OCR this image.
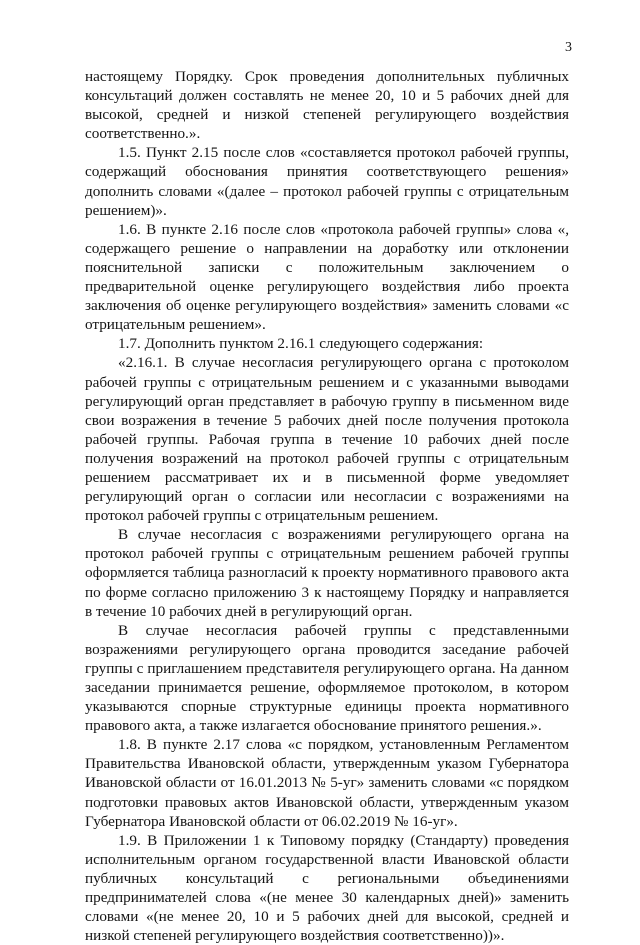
3

настоящему Порядку. Срок проведения дополнительных публичных консультаций должен составлять не менее 20, 10 и 5 рабочих дней для высокой, средней и низкой степеней регулирующего воздействия соответственно.».

1.5. Пункт 2.15 после слов «составляется протокол рабочей группы, содержащий обоснования принятия соответствующего решения» дополнить словами «(далее – протокол рабочей группы с отрицательным решением)».

1.6. В пункте 2.16 после слов «протокола рабочей группы» слова «, содержащего решение о направлении на доработку или отклонении пояснительной записки с положительным заключением о предварительной оценке регулирующего воздействия либо проекта заключения об оценке регулирующего воздействия» заменить словами «с отрицательным решением».

1.7. Дополнить пунктом 2.16.1 следующего содержания:

«2.16.1. В случае несогласия регулирующего органа с протоколом рабочей группы с отрицательным решением и с указанными выводами регулирующий орган представляет в рабочую группу в письменном виде свои возражения в течение 5 рабочих дней после получения протокола рабочей группы. Рабочая группа в течение 10 рабочих дней после получения возражений на протокол рабочей группы с отрицательным решением рассматривает их и в письменной форме уведомляет регулирующий орган о согласии или несогласии с возражениями на протокол рабочей группы с отрицательным решением.

В случае несогласия с возражениями регулирующего органа на протокол рабочей группы с отрицательным решением рабочей группы оформляется таблица разногласий к проекту нормативного правового акта по форме согласно приложению 3 к настоящему Порядку и направляется в течение 10 рабочих дней в регулирующий орган.

В случае несогласия рабочей группы с представленными возражениями регулирующего органа проводится заседание рабочей группы с приглашением представителя регулирующего органа. На данном заседании принимается решение, оформляемое протоколом, в котором указываются спорные структурные единицы проекта нормативного правового акта, а также излагается обоснование принятого решения.».

1.8. В пункте 2.17 слова «с порядком, установленным Регламентом Правительства Ивановской области, утвержденным указом Губернатора Ивановской области от 16.01.2013 № 5-уг» заменить словами «с порядком подготовки правовых актов Ивановской области, утвержденным указом Губернатора Ивановской области от 06.02.2019 № 16-уг».

1.9. В Приложении 1 к Типовому порядку (Стандарту) проведения исполнительным органом государственной власти Ивановской области публичных консультаций с региональными объединениями предпринимателей слова «(не менее 30 календарных дней)» заменить словами «(не менее 20, 10 и 5 рабочих дней для высокой, средней и низкой степеней регулирующего воздействия соответственно))».
